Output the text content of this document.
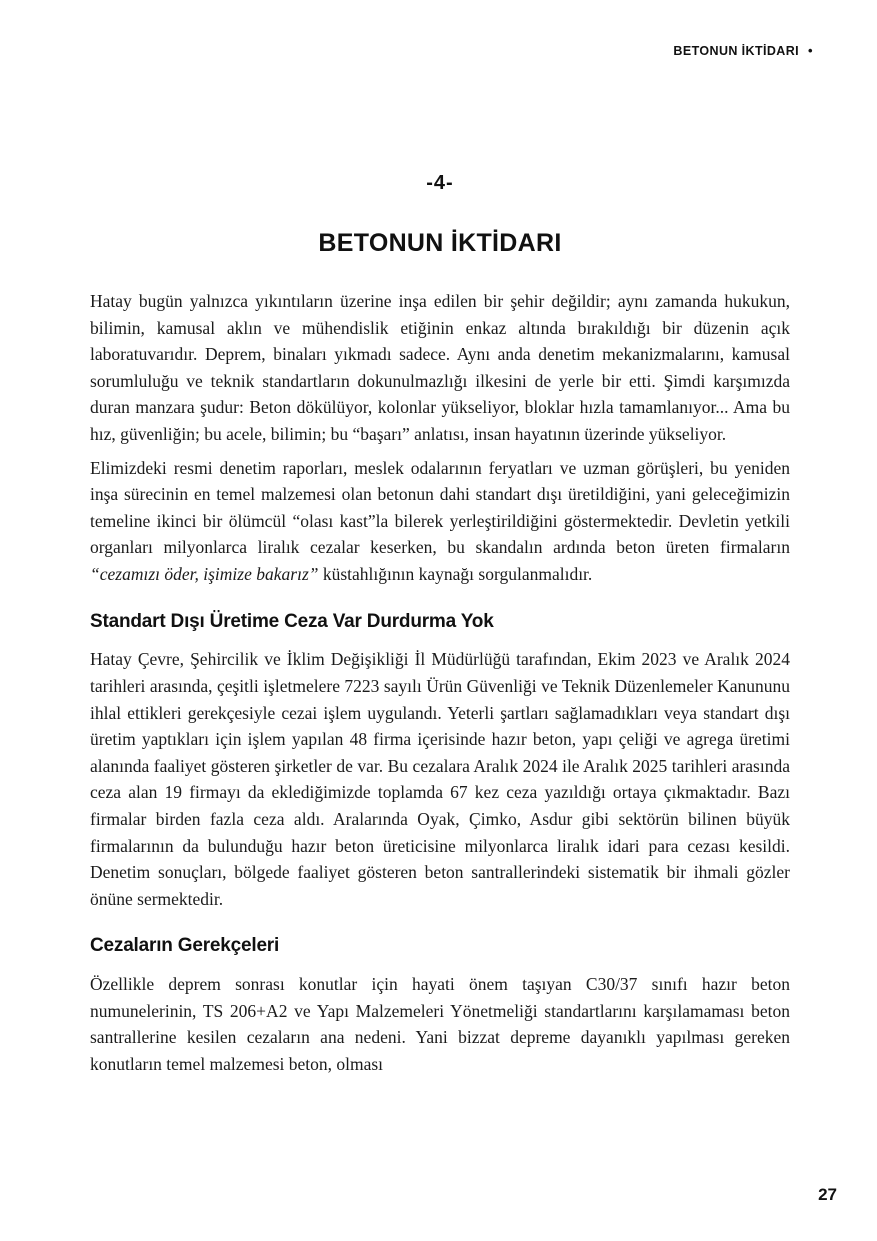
BETONUN İKTİDARI •
-4-
BETONUN İKTİDARI

Hatay bugün yalnızca yıkıntıların üzerine inşa edilen bir şehir değildir; aynı zamanda hukukun, bilimin, kamusal aklın ve mühendislik etiğinin enkaz altında bırakıldığı bir düzenin açık laboratuvarıdır. Deprem, binaları yıkmadı sadece. Aynı anda denetim mekanizmalarını, kamusal sorumluluğu ve teknik standartların dokunulmazlığı ilkesini de yerle bir etti. Şimdi karşımızda duran manzara şudur: Beton dökülüyor, kolonlar yükseliyor, bloklar hızla tamamlanıyor... Ama bu hız, güvenliğin; bu acele, bilimin; bu “başarı” anlatısı, insan hayatının üzerinde yükseliyor.

Elimizdeki resmi denetim raporları, meslek odalarının feryatları ve uzman görüşleri, bu yeniden inşa sürecinin en temel malzemesi olan betonun dahi standart dışı üretildiğini, yani geleceğimizin temeline ikinci bir ölümcül “olası kast”la bilerek yerleştirildiğini göstermektedir. Devletin yetkili organları milyonlarca liralık cezalar keserken, bu skandalın ardında beton üreten firmaların “cezamızı öder, işimize bakarız” küstahlığının kaynağı sorgulanmalıdır.

Standart Dışı Üretime Ceza Var Durdurma Yok

Hatay Çevre, Şehircilik ve İklim Değişikliği İl Müdürlüğü tarafından, Ekim 2023 ve Aralık 2024 tarihleri arasında, çeşitli işletmelere 7223 sayılı Ürün Güvenliği ve Teknik Düzenlemeler Kanununu ihlal ettikleri gerekçesiyle cezai işlem uygulandı. Yeterli şartları sağlamadıkları veya standart dışı üretim yaptıkları için işlem yapılan 48 firma içerisinde hazır beton, yapı çeliği ve agrega üretimi alanında faaliyet gösteren şirketler de var. Bu cezalara Aralık 2024 ile Aralık 2025 tarihleri arasında ceza alan 19 firmayı da eklediğimizde toplamda 67 kez ceza yazıldığı ortaya çıkmaktadır. Bazı firmalar birden fazla ceza aldı. Aralarında Oyak, Çimko, Asdur gibi sektörün bilinen büyük firmalarının da bulunduğu hazır beton üreticisine milyonlarca liralık idari para cezası kesildi. Denetim sonuçları, bölgede faaliyet gösteren beton santrallerindeki sistematik bir ihmali gözler önüne sermektedir.

Cezaların Gerekçeleri

Özellikle deprem sonrası konutlar için hayati önem taşıyan C30/37 sınıfı hazır beton numunelerinin, TS 206+A2 ve Yapı Malzemeleri Yönetmeliği standartlarını karşılamaması beton santrallerine kesilen cezaların ana nedeni. Yani bizzat depreme dayanıklı yapılması gereken konutların temel malzemesi beton, olması

27
